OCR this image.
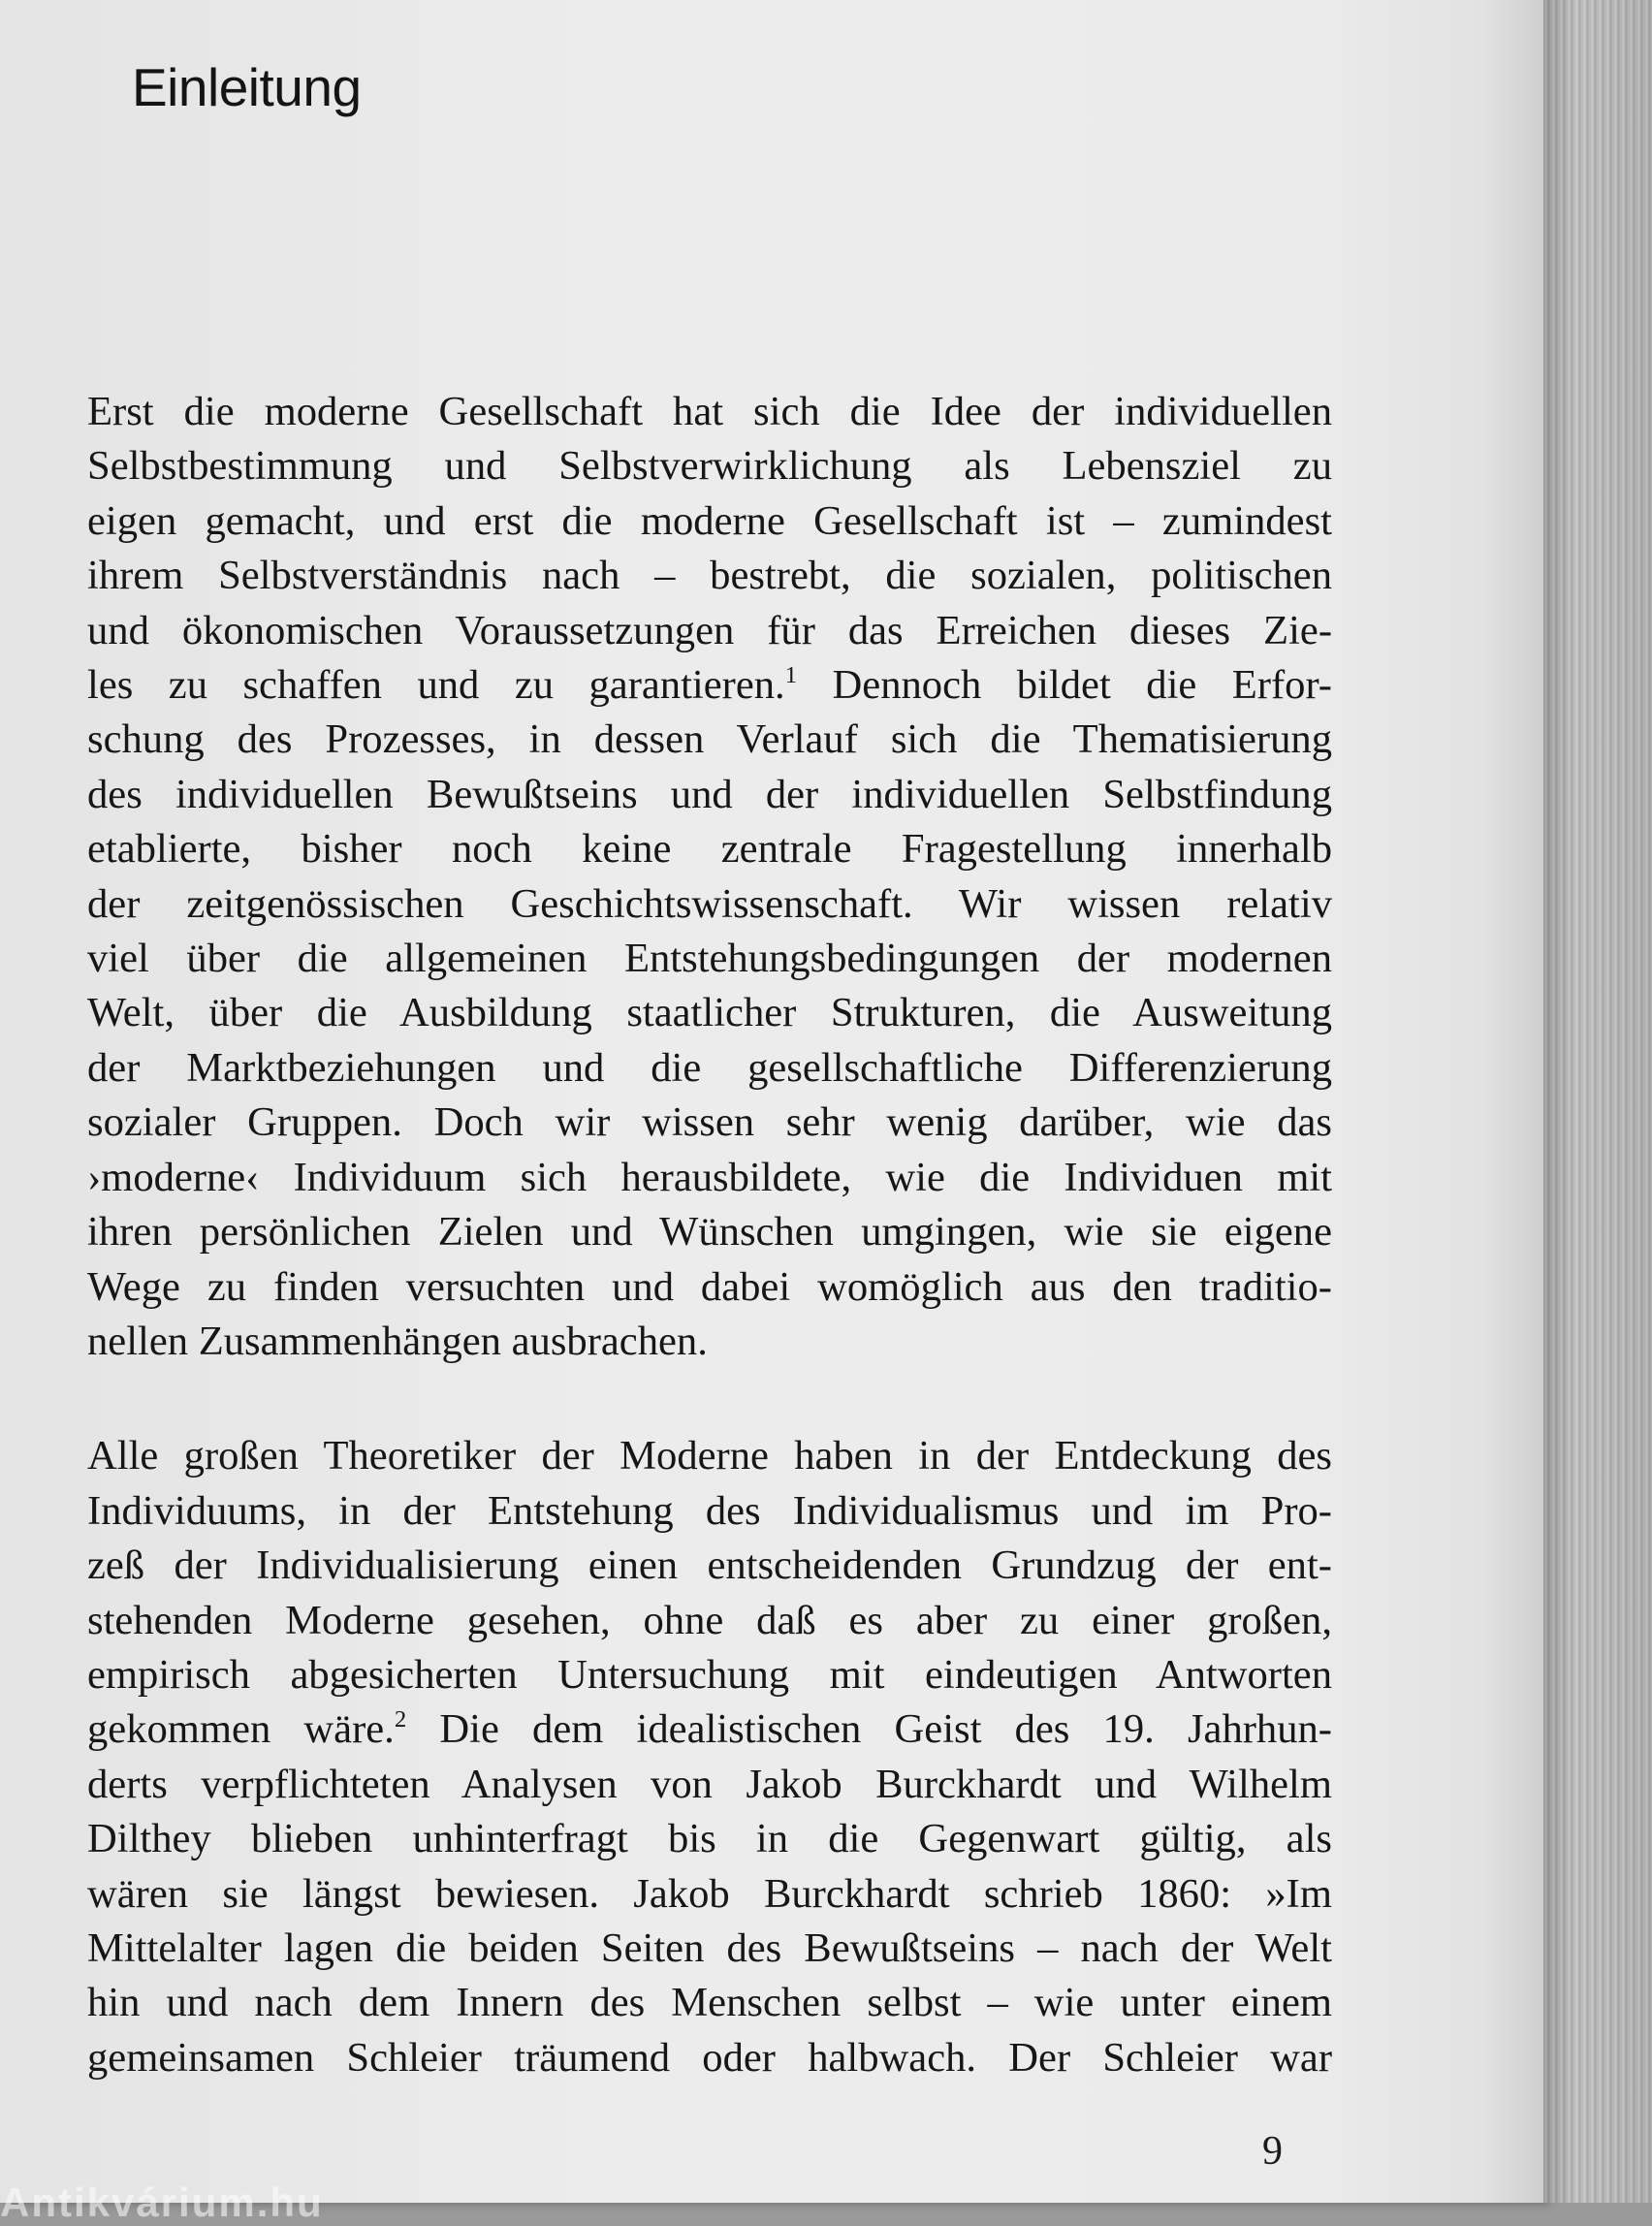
Einleitung

Erst die moderne Gesellschaft hat sich die Idee der individuellen
Selbstbestimmung und Selbstverwirklichung als Lebensziel zu
eigen gemacht, und erst die moderne Gesellschaft ist – zumindest
ihrem Selbstverständnis nach – bestrebt, die sozialen, politischen
und ökonomischen Voraussetzungen für das Erreichen dieses Zie-
les zu schaffen und zu garantieren.$^1$ Dennoch bildet die Erfor-
schung des Prozesses, in dessen Verlauf sich die Thematisierung
des individuellen Bewußtseins und der individuellen Selbstfindung
etablierte, bisher noch keine zentrale Fragestellung innerhalb
der zeitgenössischen Geschichtswissenschaft. Wir wissen relativ
viel über die allgemeinen Entstehungsbedingungen der modernen
Welt, über die Ausbildung staatlicher Strukturen, die Ausweitung
der Marktbeziehungen und die gesellschaftliche Differenzierung
sozialer Gruppen. Doch wir wissen sehr wenig darüber, wie das
›moderne‹ Individuum sich herausbildete, wie die Individuen mit
ihren persönlichen Zielen und Wünschen umgingen, wie sie eigene
Wege zu finden versuchten und dabei womöglich aus den traditio-
nellen Zusammenhängen ausbrachen.

Alle großen Theoretiker der Moderne haben in der Entdeckung des
Individuums, in der Entstehung des Individualismus und im Pro-
zeß der Individualisierung einen entscheidenden Grundzug der ent-
stehenden Moderne gesehen, ohne daß es aber zu einer großen,
empirisch abgesicherten Untersuchung mit eindeutigen Antworten
gekommen wäre.$^2$ Die dem idealistischen Geist des 19. Jahrhun-
derts verpflichteten Analysen von Jakob Burckhardt und Wilhelm
Dilthey blieben unhinterfragt bis in die Gegenwart gültig, als
wären sie längst bewiesen. Jakob Burckhardt schrieb 1860: »Im
Mittelalter lagen die beiden Seiten des Bewußtseins – nach der Welt
hin und nach dem Innern des Menschen selbst – wie unter einem
gemeinsamen Schleier träumend oder halbwach. Der Schleier war

9
Antikvárium.hu
